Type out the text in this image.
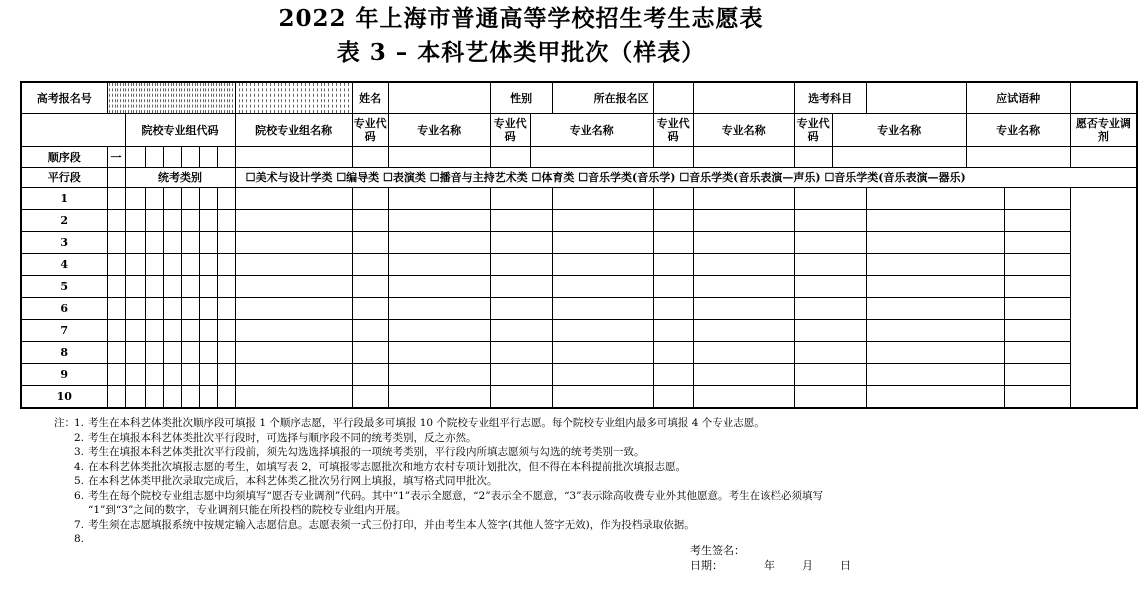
2022 年上海市普通高等学校招生考生志愿表
表 3 – 本科艺体类甲批次（样表）
高考报名号									姓名		性别		所在报名区			选考科目			应试语种		
		院校专业组代码						院校专业组名称	专业代码	专业名称	专业代码	专业名称		专业代码	专业名称	专业代码	专业名称		专业名称		愿否专业调剂
顺序段	一																				
平行段		统考类别						☐美术与设计学类 ☐编导类 ☐表演类 ☐播音与主持艺术类 ☐体育类 ☐音乐学类(音乐学) ☐音乐学类(音乐表演—声乐) ☐音乐学类(音乐表演—器乐)													
1																					
2																					
3																					
4																					
5																					
6																					
7																					
8																					
9																					
10																					
注： 1. 考生在本科艺体类批次顺序段可填报 1 个顺序志愿，平行段最多可填报 10 个院校专业组平行志愿。每个院校专业组内最多可填报 4 个专业志愿。
2. 考生在填报本科艺体类批次平行段时，可选择与顺序段不同的统考类别，反之亦然。
3. 考生在填报本科艺体类批次平行段前，须先勾选选择填报的一项统考类别，平行段内所填志愿须与勾选的统考类别一致。
4. 在本科艺体类批次填报志愿的考生，如填写表 2，可填报零志愿批次和地方农村专项计划批次，但不得在本科提前批次填报志愿。
5. 在本科艺体类甲批次录取完成后，本科艺体类乙批次另行网上填报，填写格式同甲批次。
6. 考生在每个院校专业组志愿中均须填写“愿否专业调剂”代码。其中“1”表示全愿意，“2”表示全不愿意，“3”表示除高收费专业外其他愿意。考生在该栏必须填写
“1”到“3”之间的数字，专业调剂只能在所投档的院校专业组内开展。
7. 考生须在志愿填报系统中按规定输入志愿信息。志愿表须一式三份打印，并由考生本人签字(其他人签字无效)，作为投档录取依据。
8.
考生签名：
日期：	年 月 日
